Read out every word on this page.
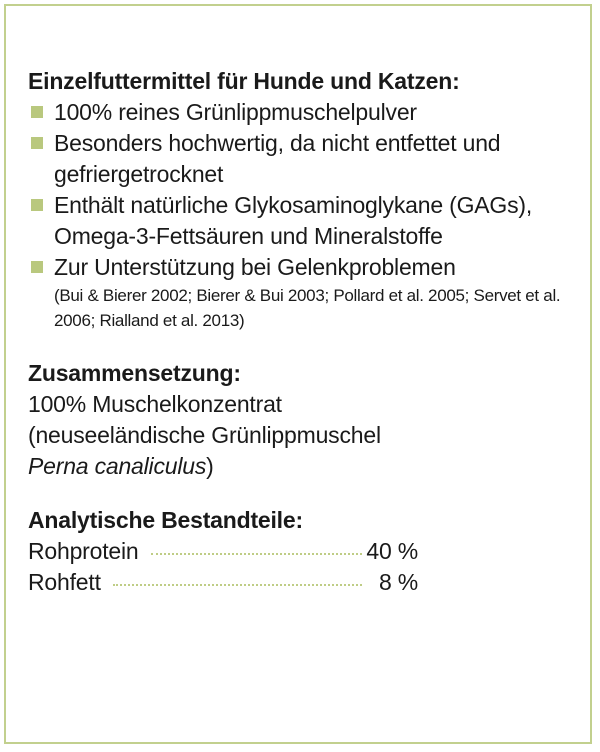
Einzelfuttermittel für Hunde und Katzen:
100% reines Grünlippmuschelpulver
Besonders hochwertig, da nicht entfettet und gefriergetrocknet
Enthält natürliche Glykosaminoglykane (GAGs), Omega-3-Fettsäuren und Mineralstoffe
Zur Unterstützung bei Gelenkproblemen
(Bui & Bierer 2002; Bierer & Bui 2003; Pollard et al. 2005; Servet et al. 2006; Rialland et al. 2013)
Zusammensetzung:
100% Muschelkonzentrat
(neuseeländische Grünlippmuschel
Perna canaliculus)
Analytische Bestandteile:
Rohprotein	40 %
Rohfett	8 %
